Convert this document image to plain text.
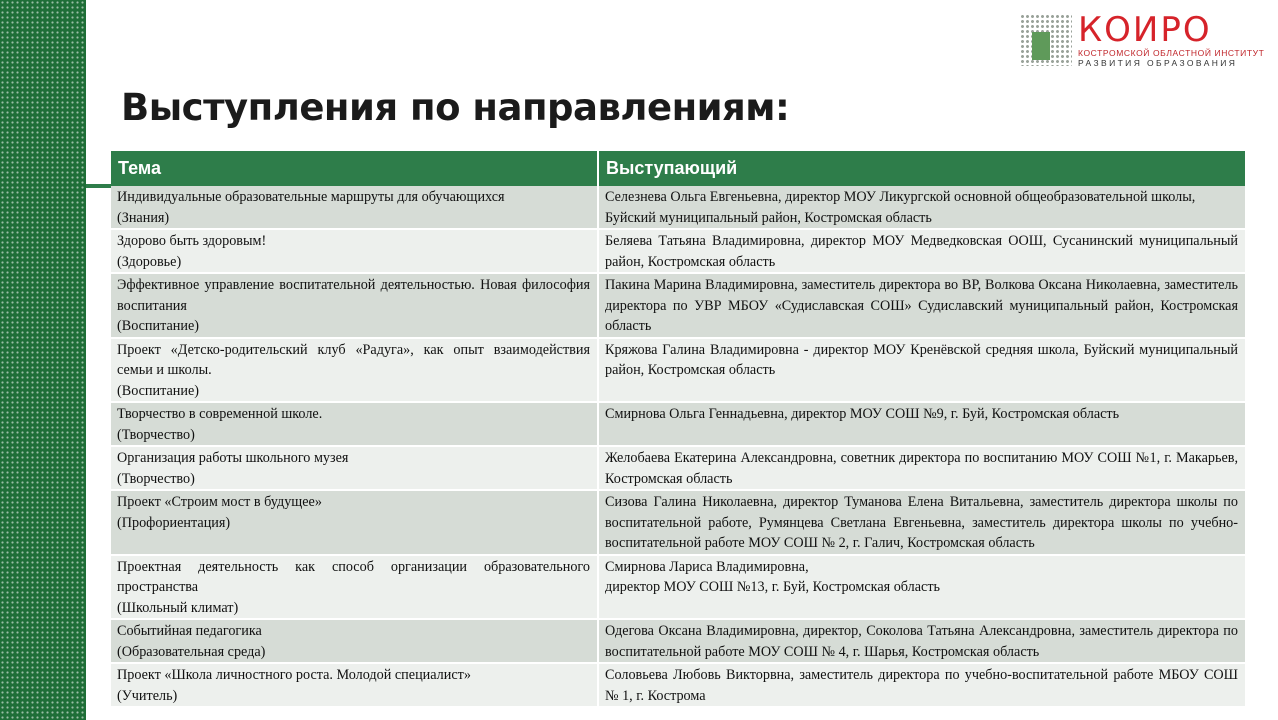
КОИРО
КОСТРОМСКОЙ ОБЛАСТНОЙ ИНСТИТУТ
РАЗВИТИЯ ОБРАЗОВАНИЯ
Выступления по направлениям:
Тема	Выступающий

Индивидуальные образовательные маршруты для обучающихся
(Знания)	Селезнева Ольга Евгеньевна, директор МОУ Ликургской основной общеобразовательной школы,
Буйский муниципальный район, Костромская область

Здорово быть здоровым!
(Здоровье)	Беляева Татьяна Владимировна, директор МОУ Медведковская ООШ, Сусанинский муниципальный район, Костромская область

Эффективное управление воспитательной деятельностью. Новая философия воспитания
(Воспитание)	Пакина Марина Владимировна, заместитель директора во ВР, Волкова Оксана Николаевна, заместитель директора по УВР МБОУ «Судиславская СОШ» Судиславский муниципальный район, Костромская область

Проект «Детско-родительский клуб «Радуга», как опыт взаимодействия семьи и школы.
(Воспитание)	Кряжова Галина Владимировна - директор МОУ Кренёвской средняя школа, Буйский муниципальный район, Костромская область

Творчество в современной школе.
(Творчество)	Смирнова Ольга Геннадьевна, директор МОУ СОШ №9, г. Буй, Костромская область

Организация работы школьного музея
(Творчество)	Желобаева Екатерина Александровна, советник директора по воспитанию МОУ СОШ №1, г. Макарьев, Костромская область

Проект «Строим мост в будущее»
(Профориентация)	Сизова Галина Николаевна, директор Туманова Елена Витальевна, заместитель директора школы по воспитательной работе, Румянцева Светлана Евгеньевна, заместитель директора школы по учебно-воспитательной работе МОУ СОШ № 2, г. Галич, Костромская область

Проектная деятельность как способ организации образовательного пространства
(Школьный климат)	Смирнова Лариса Владимировна,
директор МОУ СОШ №13, г. Буй, Костромская область

Событийная педагогика
(Образовательная среда)	Одегова Оксана Владимировна, директор, Соколова Татьяна Александровна, заместитель директора по воспитательной работе МОУ СОШ № 4, г. Шарья, Костромская область

Проект «Школа личностного роста. Молодой специалист»
(Учитель)	Соловьева Любовь Викторвна, заместитель директора по учебно-воспитательной работе МБОУ СОШ № 1, г. Кострома
